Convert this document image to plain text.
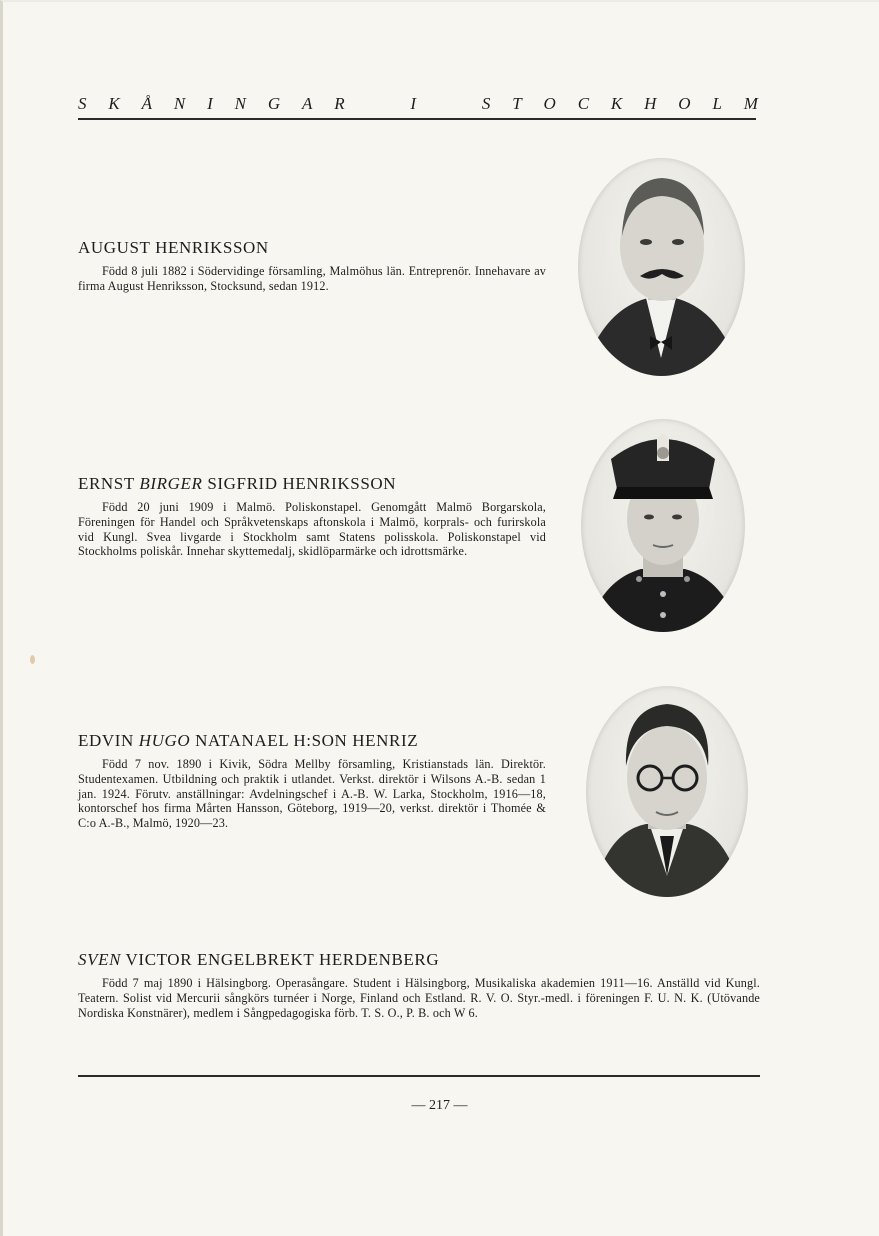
S K Å N I N G A R	I	S T O C K H O L M
AUGUST HENRIKSSON
Född 8 juli 1882 i Södervidinge församling, Malmöhus län. Entreprenör. Innehavare av firma August Henriksson, Stocksund, sedan 1912.
ERNST BIRGER SIGFRID HENRIKSSON
Född 20 juni 1909 i Malmö. Poliskonstapel. Genomgått Malmö Borgarskola, Föreningen för Handel och Språkvetenskaps aftonskola i Malmö, korprals- och furirskola vid Kungl. Svea livgarde i Stockholm samt Statens polisskola. Poliskonstapel vid Stockholms poliskår. Innehar skyttemedalj, skidlöparmärke och idrottsmärke.
EDVIN HUGO NATANAEL H:SON HENRIZ
Född 7 nov. 1890 i Kivik, Södra Mellby församling, Kristianstads län. Direktör. Studentexamen. Utbildning och praktik i utlandet. Verkst. direktör i Wilsons A.-B. sedan 1 jan. 1924. Förutv. anställningar: Avdelningschef i A.-B. W. Larka, Stockholm, 1916—18, kontorschef hos firma Mårten Hansson, Göteborg, 1919—20, verkst. direktör i Thomée & C:o A.-B., Malmö, 1920—23.
SVEN VICTOR ENGELBREKT HERDENBERG
Född 7 maj 1890 i Hälsingborg. Operasångare. Student i Hälsingborg, Musikaliska akademien 1911—16. Anställd vid Kungl. Teatern. Solist vid Mercurii sångkörs turnéer i Norge, Finland och Estland. R. V. O. Styr.-medl. i föreningen F. U. N. K. (Utövande Nordiska Konstnärer), medlem i Sångpedagogiska förb. T. S. O., P. B. och W 6.
— 217 —
